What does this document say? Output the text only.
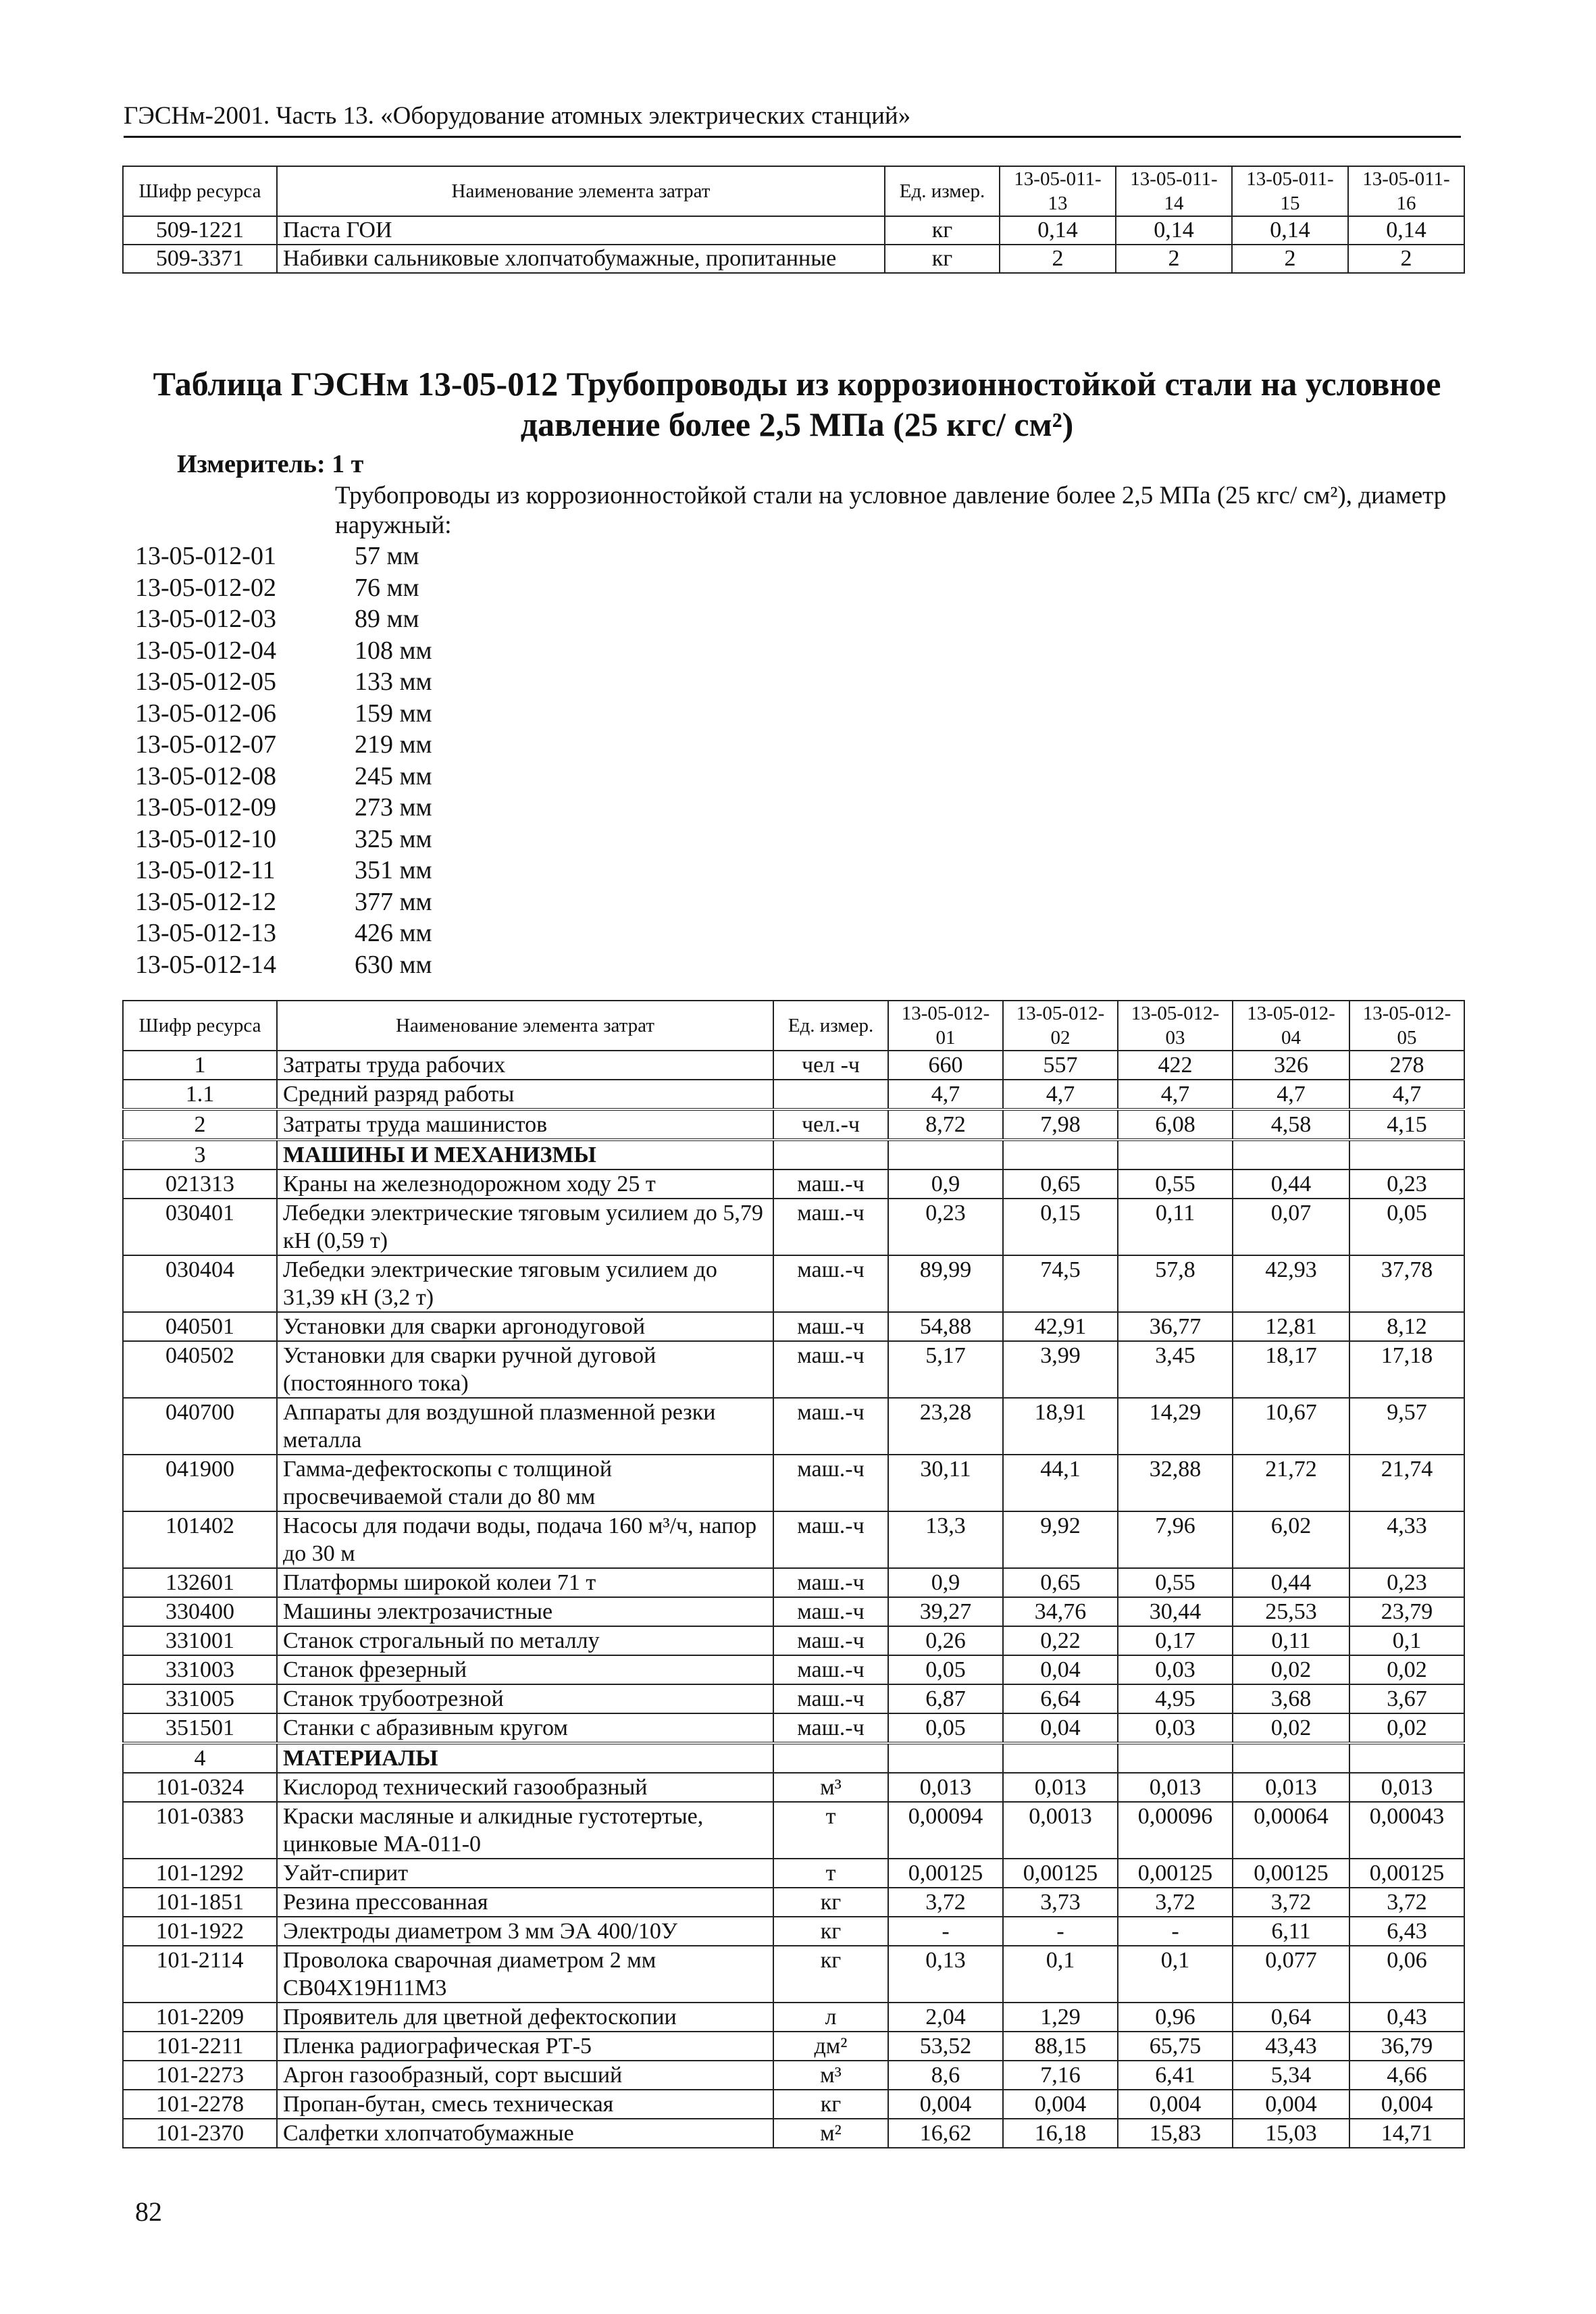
ГЭСНм-2001. Часть 13. «Оборудование атомных электрических станций»
Шифр ресурса	Наименование элемента затрат	Ед. измер.	13-05-011-13	13-05-011-14	13-05-011-15	13-05-011-16
509-1221	Паста ГОИ	кг	0,14	0,14	0,14	0,14
509-3371	Набивки сальниковые хлопчатобумажные, пропитанные	кг	2	2	2	2
Таблица ГЭСНм 13-05-012 Трубопроводы из коррозионностойкой стали на условное давление более 2,5 МПа (25 кгс/ см²)
Измеритель: 1 т
Трубопроводы из коррозионностойкой стали на условное давление более 2,5 МПа (25 кгс/ см²), диаметр наружный:
13-05-012-01	57 мм
13-05-012-02	76 мм
13-05-012-03	89 мм
13-05-012-04	108 мм
13-05-012-05	133 мм
13-05-012-06	159 мм
13-05-012-07	219 мм
13-05-012-08	245 мм
13-05-012-09	273 мм
13-05-012-10	325 мм
13-05-012-11	351 мм
13-05-012-12	377 мм
13-05-012-13	426 мм
13-05-012-14	630 мм
Шифр ресурса	Наименование элемента затрат	Ед. измер.	13-05-012-01	13-05-012-02	13-05-012-03	13-05-012-04	13-05-012-05
1	Затраты труда рабочих	чел -ч	660	557	422	326	278
1.1	Средний разряд работы		4,7	4,7	4,7	4,7	4,7
2	Затраты труда машинистов	чел.-ч	8,72	7,98	6,08	4,58	4,15
3	МАШИНЫ И МЕХАНИЗМЫ						
021313	Краны на железнодорожном ходу 25 т	маш.-ч	0,9	0,65	0,55	0,44	0,23
030401	Лебедки электрические тяговым усилием до 5,79 кН (0,59 т)	маш.-ч	0,23	0,15	0,11	0,07	0,05
030404	Лебедки электрические тяговым усилием до 31,39 кН (3,2 т)	маш.-ч	89,99	74,5	57,8	42,93	37,78
040501	Установки для сварки аргонодуговой	маш.-ч	54,88	42,91	36,77	12,81	8,12
040502	Установки для сварки ручной дуговой (постоянного тока)	маш.-ч	5,17	3,99	3,45	18,17	17,18
040700	Аппараты для воздушной плазменной резки металла	маш.-ч	23,28	18,91	14,29	10,67	9,57
041900	Гамма-дефектоскопы с толщиной просвечиваемой стали до 80 мм	маш.-ч	30,11	44,1	32,88	21,72	21,74
101402	Насосы для подачи воды, подача 160 м³/ч, напор до 30 м	маш.-ч	13,3	9,92	7,96	6,02	4,33
132601	Платформы широкой колеи 71 т	маш.-ч	0,9	0,65	0,55	0,44	0,23
330400	Машины электрозачистные	маш.-ч	39,27	34,76	30,44	25,53	23,79
331001	Станок строгальный по металлу	маш.-ч	0,26	0,22	0,17	0,11	0,1
331003	Станок фрезерный	маш.-ч	0,05	0,04	0,03	0,02	0,02
331005	Станок трубоотрезной	маш.-ч	6,87	6,64	4,95	3,68	3,67
351501	Станки с абразивным кругом	маш.-ч	0,05	0,04	0,03	0,02	0,02
4	МАТЕРИАЛЫ						
101-0324	Кислород технический газообразный	м³	0,013	0,013	0,013	0,013	0,013
101-0383	Краски масляные и алкидные густотертые, цинковые МА-011-0	т	0,00094	0,0013	0,00096	0,00064	0,00043
101-1292	Уайт-спирит	т	0,00125	0,00125	0,00125	0,00125	0,00125
101-1851	Резина прессованная	кг	3,72	3,73	3,72	3,72	3,72
101-1922	Электроды диаметром 3 мм ЭА 400/10У	кг	-	-	-	6,11	6,43
101-2114	Проволока сварочная диаметром 2 мм СВ04Х19Н11М3	кг	0,13	0,1	0,1	0,077	0,06
101-2209	Проявитель для цветной дефектоскопии	л	2,04	1,29	0,96	0,64	0,43
101-2211	Пленка радиографическая РТ-5	дм²	53,52	88,15	65,75	43,43	36,79
101-2273	Аргон газообразный, сорт высший	м³	8,6	7,16	6,41	5,34	4,66
101-2278	Пропан-бутан, смесь техническая	кг	0,004	0,004	0,004	0,004	0,004
101-2370	Салфетки хлопчатобумажные	м²	16,62	16,18	15,83	15,03	14,71
82
